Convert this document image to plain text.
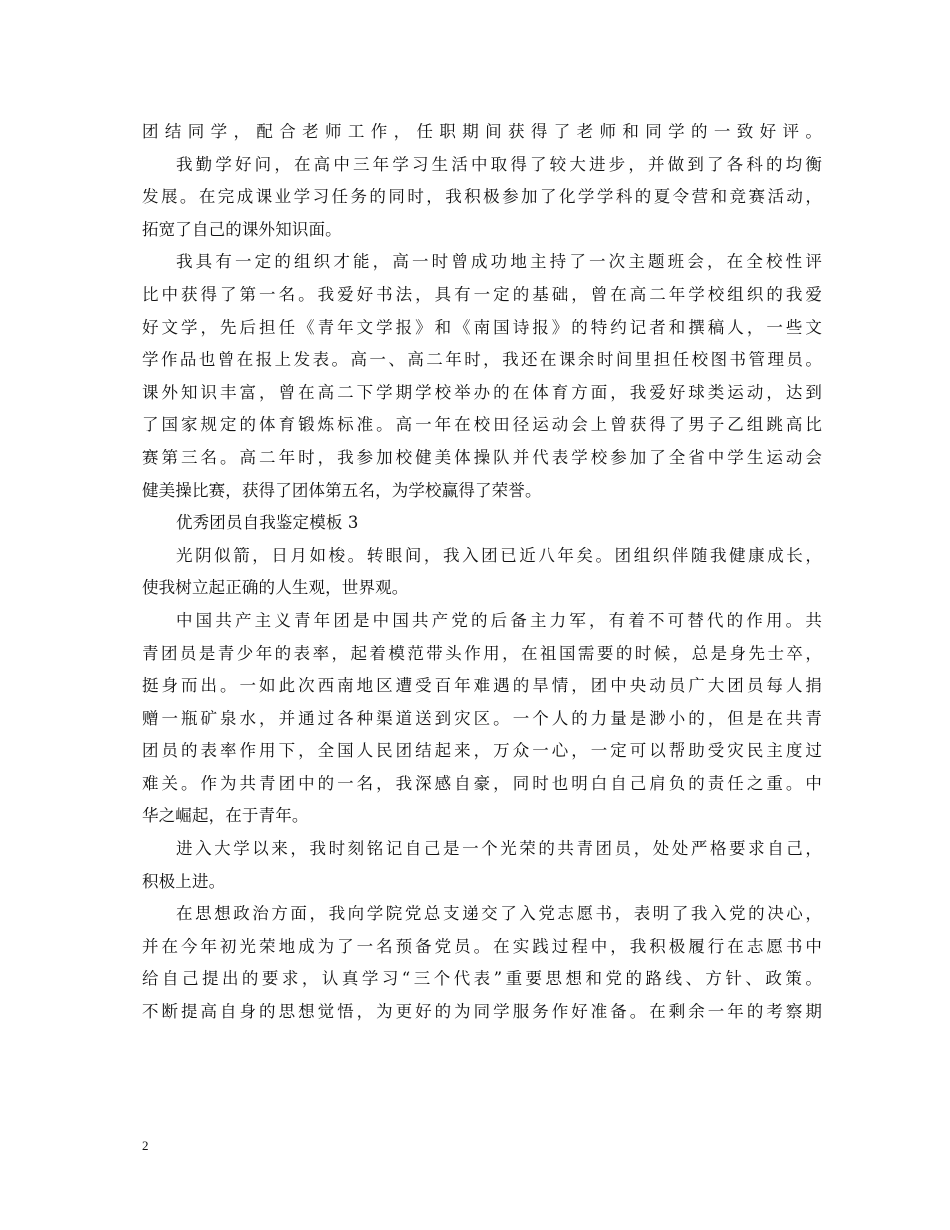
团结同学，配合老师工作，任职期间获得了老师和同学的一致好评。
我勤学好问，在高中三年学习生活中取得了较大进步，并做到了各科的均衡
发展。在完成课业学习任务的同时，我积极参加了化学学科的夏令营和竞赛活动，
拓宽了自己的课外知识面。
我具有一定的组织才能，高一时曾成功地主持了一次主题班会，在全校性评
比中获得了第一名。我爱好书法，具有一定的基础，曾在高二年学校组织的我爱
好文学，先后担任《青年文学报》和《南国诗报》的特约记者和撰稿人，一些文
学作品也曾在报上发表。高一、高二年时，我还在课余时间里担任校图书管理员。
课外知识丰富，曾在高二下学期学校举办的在体育方面，我爱好球类运动，达到
了国家规定的体育锻炼标准。高一年在校田径运动会上曾获得了男子乙组跳高比
赛第三名。高二年时，我参加校健美体操队并代表学校参加了全省中学生运动会
健美操比赛，获得了团体第五名，为学校赢得了荣誉。
优秀团员自我鉴定模板 3
光阴似箭，日月如梭。转眼间，我入团已近八年矣。团组织伴随我健康成长，
使我树立起正确的人生观，世界观。
中国共产主义青年团是中国共产党的后备主力军，有着不可替代的作用。共
青团员是青少年的表率，起着模范带头作用，在祖国需要的时候，总是身先士卒，
挺身而出。一如此次西南地区遭受百年难遇的旱情，团中央动员广大团员每人捐
赠一瓶矿泉水，并通过各种渠道送到灾区。一个人的力量是渺小的，但是在共青
团员的表率作用下，全国人民团结起来，万众一心，一定可以帮助受灾民主度过
难关。作为共青团中的一名，我深感自豪，同时也明白自己肩负的责任之重。中
华之崛起，在于青年。
进入大学以来，我时刻铭记自己是一个光荣的共青团员，处处严格要求自己，
积极上进。
在思想政治方面，我向学院党总支递交了入党志愿书，表明了我入党的决心，
并在今年初光荣地成为了一名预备党员。在实践过程中，我积极履行在志愿书中
给自己提出的要求，认真学习“三个代表”重要思想和党的路线、方针、政策。
不断提高自身的思想觉悟，为更好的为同学服务作好准备。在剩余一年的考察期
2
